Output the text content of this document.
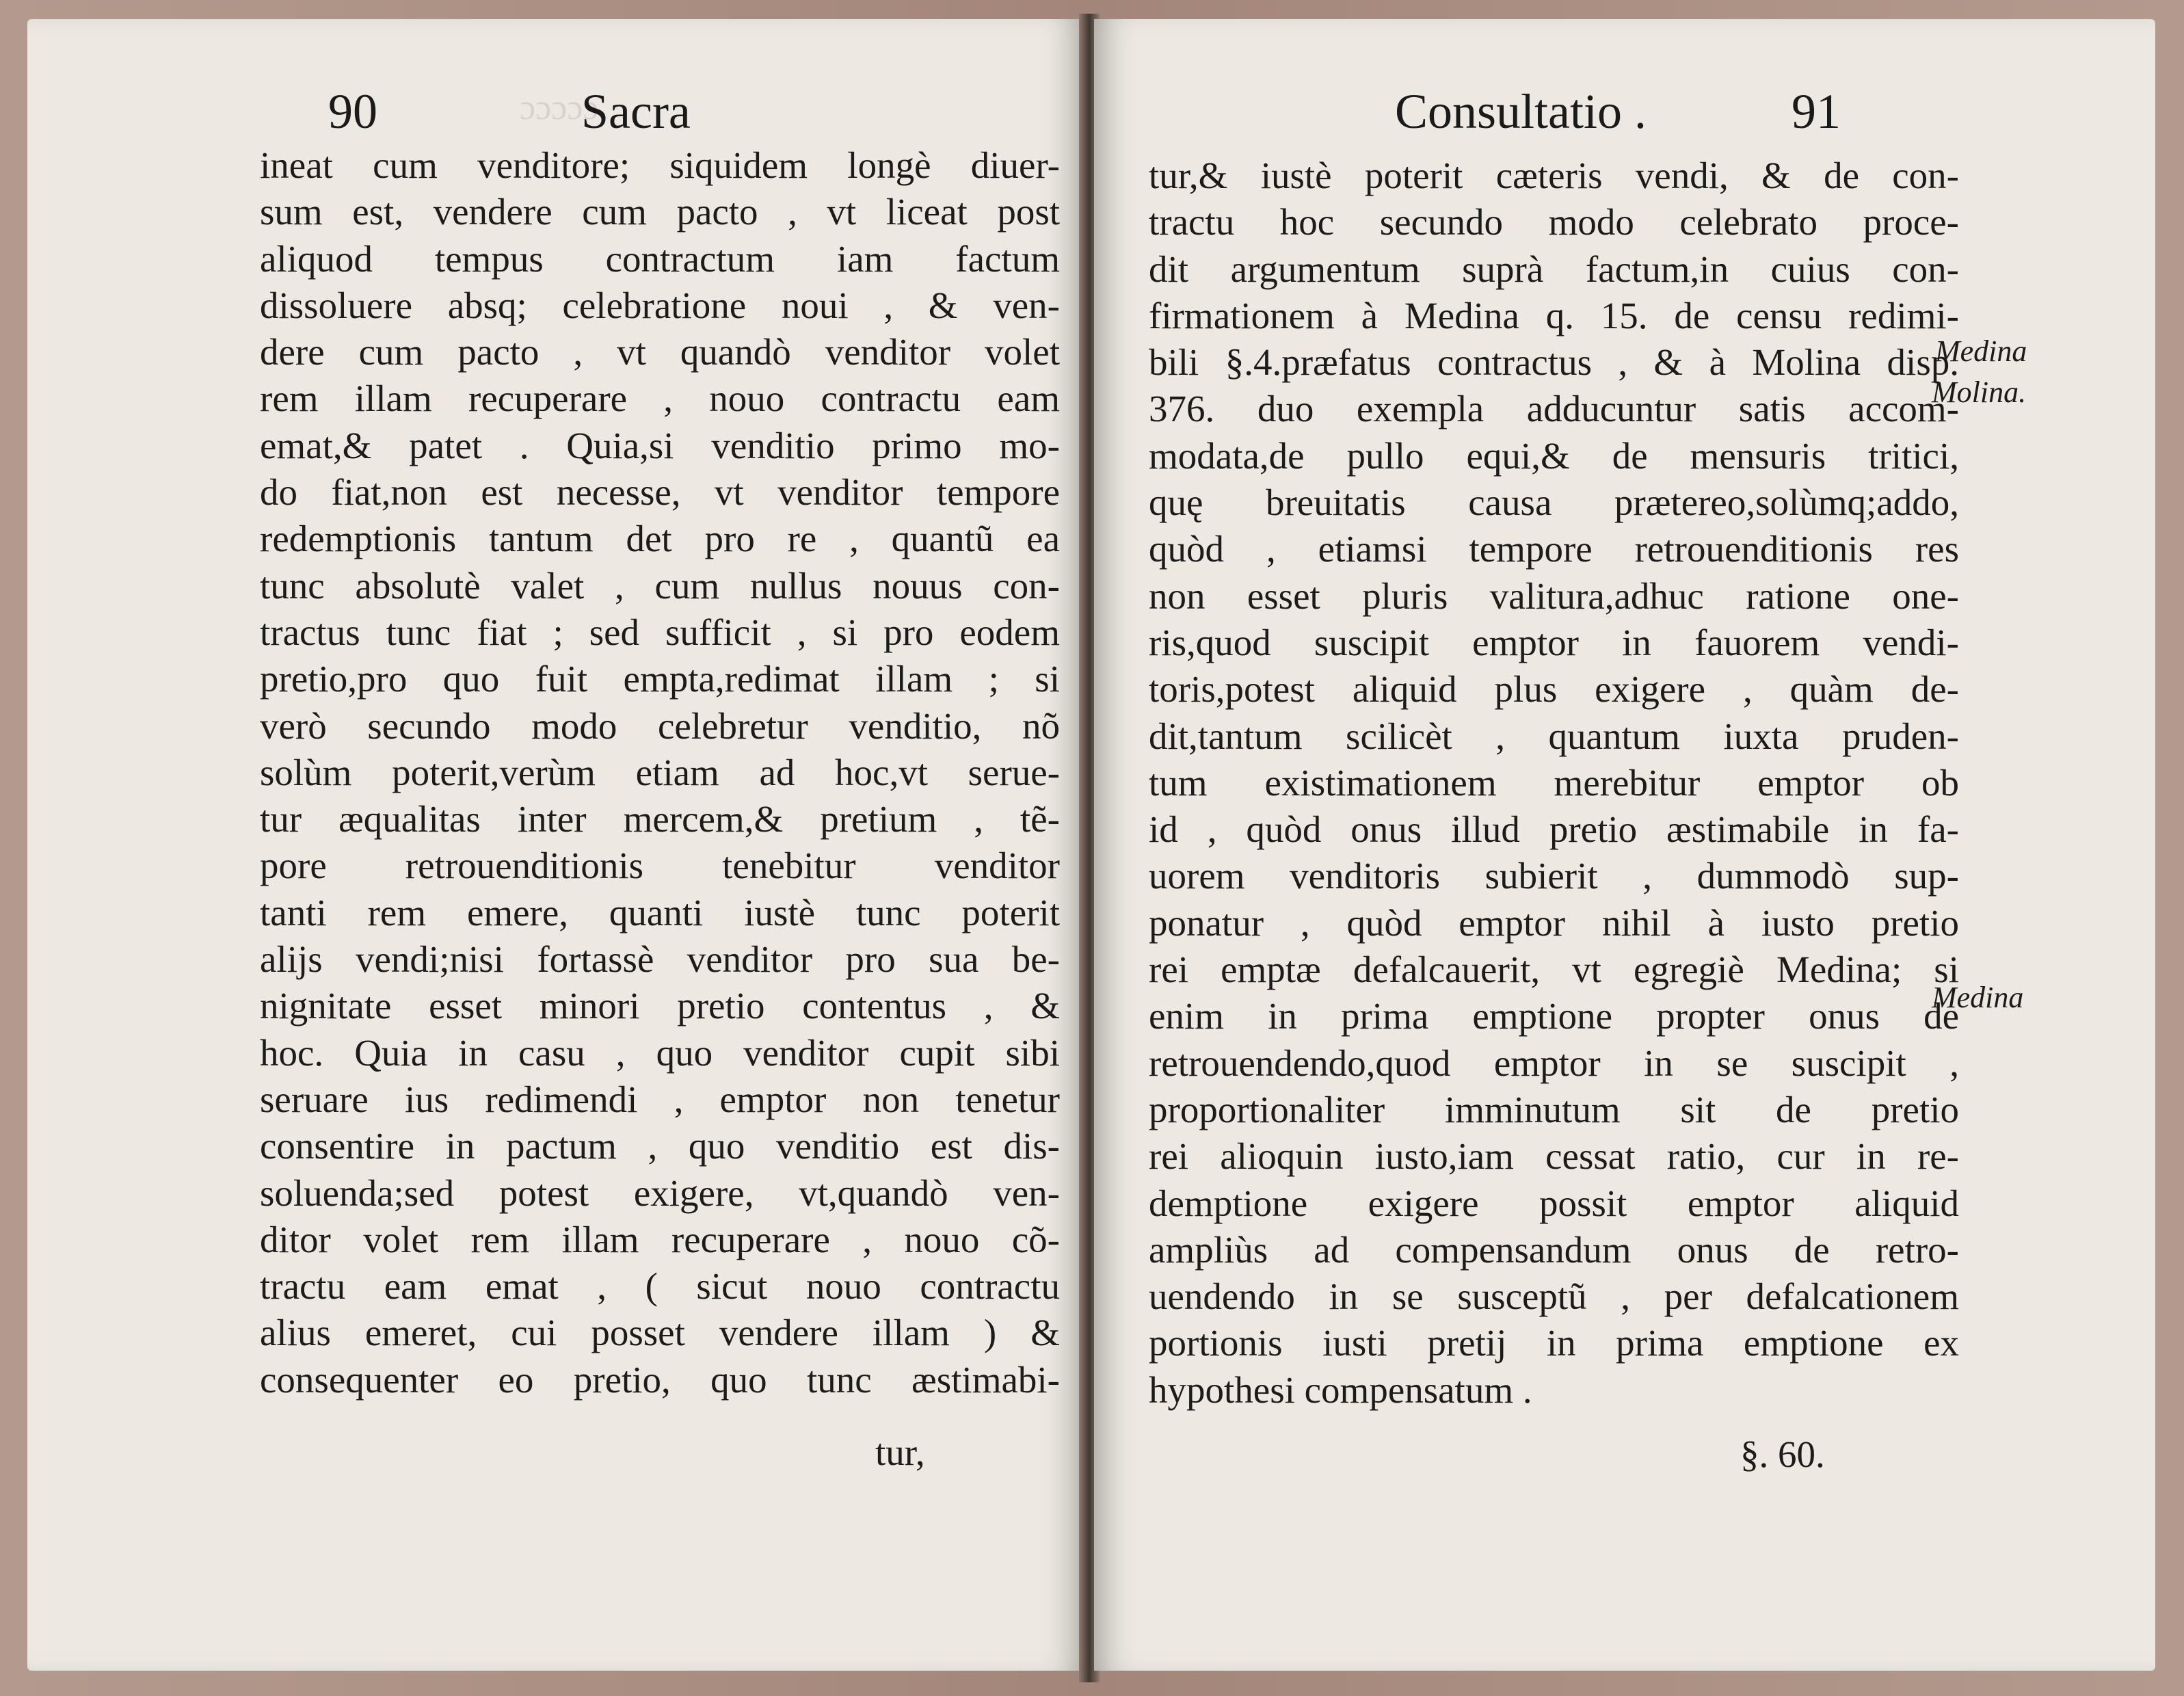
ɔɔɔɔɔ
90	Sacra
ineat cum venditore; siquidem longè diuer-
sum est, vendere cum pacto , vt liceat post
aliquod tempus contractum iam factum
dissoluere absq; celebratione noui , & ven-
dere cum pacto , vt quandò venditor volet
rem illam recuperare , nouo contractu eam
emat,& patet . Quia,si venditio primo mo-
do fiat,non est necesse, vt venditor tempore
redemptionis tantum det pro re , quantũ ea
tunc absolutè valet , cum nullus nouus con-
tractus tunc fiat ; sed sufficit , si pro eodem
pretio,pro quo fuit empta,redimat illam ; si
verò secundo modo celebretur venditio, nõ
solùm poterit,verùm etiam ad hoc,vt serue-
tur æqualitas inter mercem,& pretium , tẽ-
pore retrouenditionis tenebitur venditor
tanti rem emere, quanti iustè tunc poterit
alijs vendi;nisi fortassè venditor pro sua be-
nignitate esset minori pretio contentus , &
hoc. Quia in casu , quo venditor cupit sibi
seruare ius redimendi , emptor non tenetur
consentire in pactum , quo venditio est dis-
soluenda;sed potest exigere, vt,quandò ven-
ditor volet rem illam recuperare , nouo cõ-
tractu eam emat , ( sicut nouo contractu
alius emeret, cui posset vendere illam ) &
consequenter eo pretio, quo tunc æstimabi-
Consultatio .	91
tur,& iustè poterit cæteris vendi, & de con-
tractu hoc secundo modo celebrato proce-
dit argumentum suprà factum,in cuius con-
firmationem à Medina q. 15. de censu redimi-
bili §.4.præfatus contractus , & à Molina disp.
376. duo exempla adducuntur satis accom-
modata,de pullo equi,& de mensuris tritici,
quę breuitatis causa prætereo,solùmq;addo,
quòd , etiamsi tempore retrouenditionis res
non esset pluris valitura,adhuc ratione one-
ris,quod suscipit emptor in fauorem vendi-
toris,potest aliquid plus exigere , quàm de-
dit,tantum scilicèt , quantum iuxta pruden-
tum existimationem merebitur emptor ob
id , quòd onus illud pretio æstimabile in fa-
uorem venditoris subierit , dummodò sup-
ponatur , quòd emptor nihil à iusto pretio
rei emptæ defalcauerit, vt egregiè Medina; si
enim in prima emptione propter onus de
retrouendendo,quod emptor in se suscipit ,
proportionaliter imminutum sit de pretio
rei alioquin iusto,iam cessat ratio, cur in re-
demptione exigere possit emptor aliquid
ampliùs ad compensandum onus de retro-
uendendo in se susceptũ , per defalcationem
portionis iusti pretij in prima emptione ex
hypothesi compensatum .
Medina
Molina.
Medina
tur,	§. 60.
